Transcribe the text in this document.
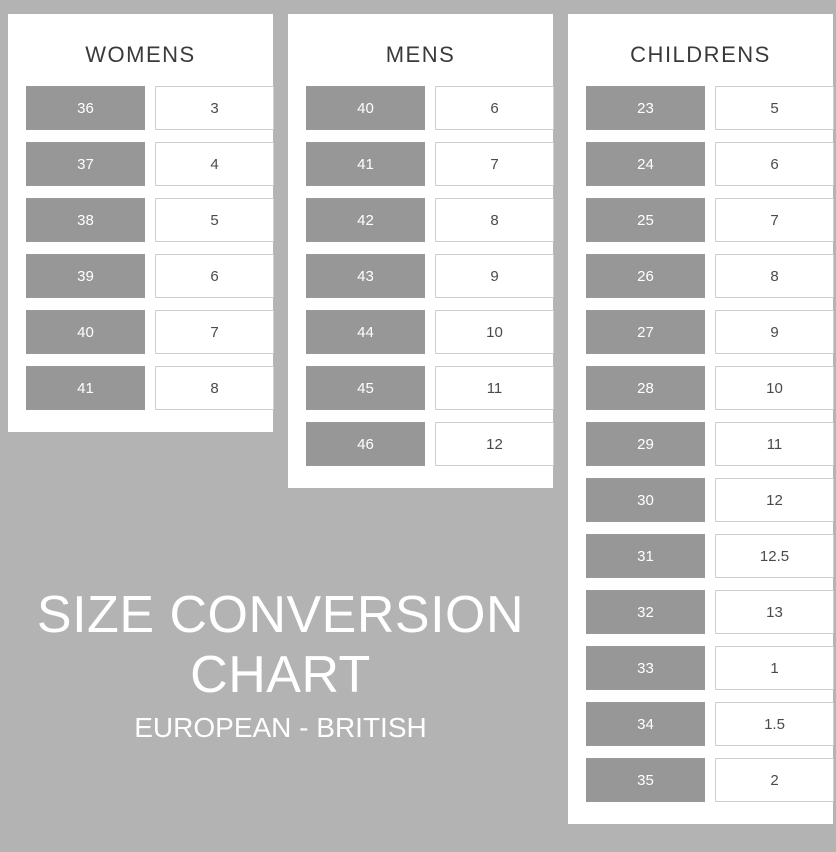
WOMENS
36	3
37	4
38	5
39	6
40	7
41	8
MENS
40	6
41	7
42	8
43	9
44	10
45	11
46	12
CHILDRENS
23	5
24	6
25	7
26	8
27	9
28	10
29	11
30	12
31	12.5
32	13
33	1
34	1.5
35	2
SIZE CONVERSION
CHART
EUROPEAN - BRITISH
